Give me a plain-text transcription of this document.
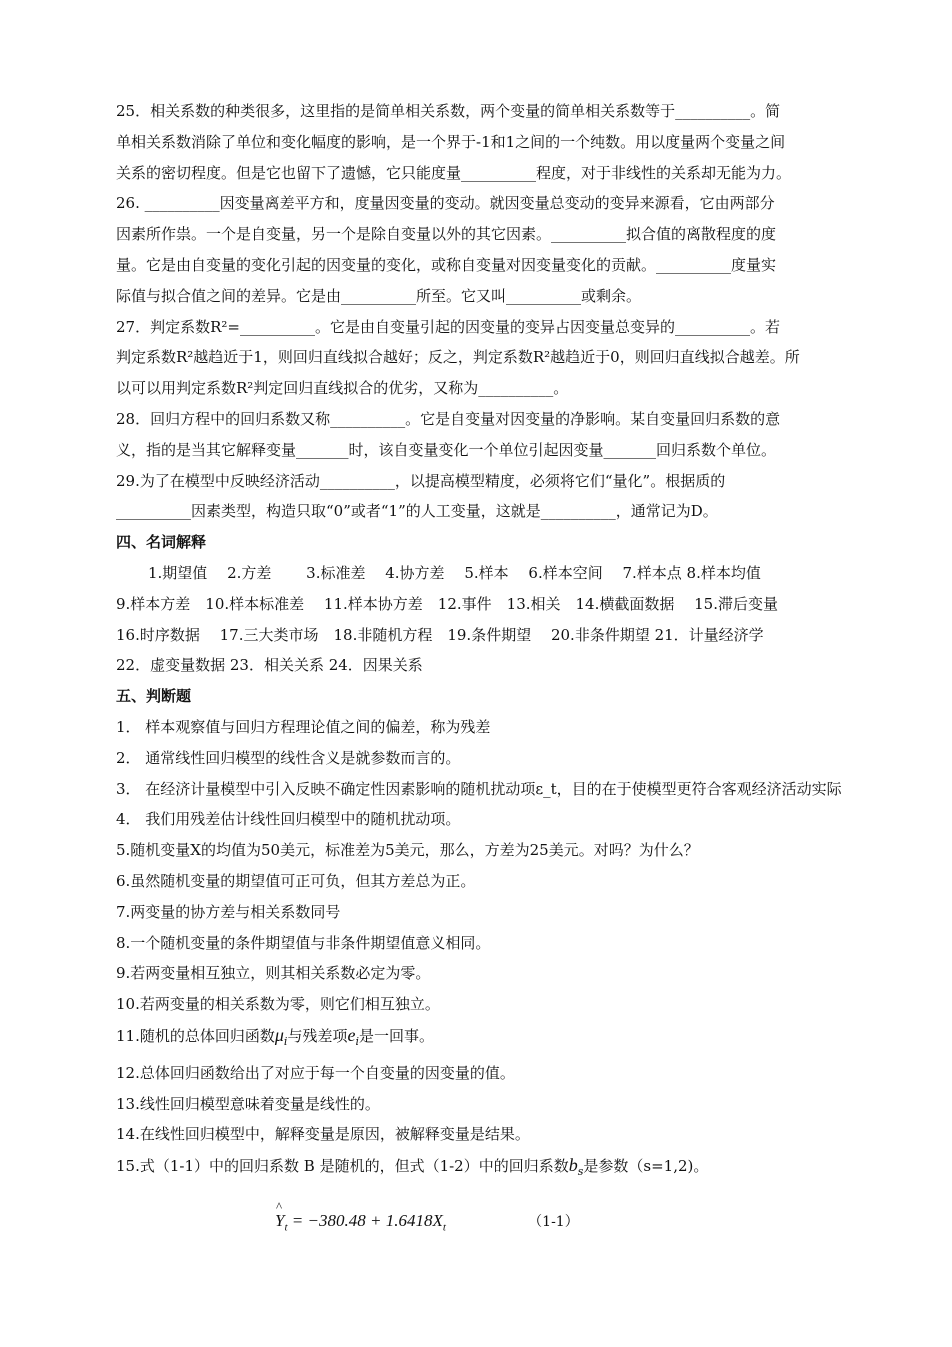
25．相关系数的种类很多，这里指的是简单相关系数，两个变量的简单相关系数等于__________。简
单相关系数消除了单位和变化幅度的影响，是一个界于-1和1之间的一个纯数。用以度量两个变量之间
关系的密切程度。但是它也留下了遗憾，它只能度量__________程度，对于非线性的关系却无能为力。
26. __________因变量离差平方和，度量因变量的变动。就因变量总变动的变异来源看，它由两部分
因素所作祟。一个是自变量，另一个是除自变量以外的其它因素。__________拟合值的离散程度的度
量。它是由自变量的变化引起的因变量的变化，或称自变量对因变量变化的贡献。__________度量实
际值与拟合值之间的差异。它是由__________所至。它又叫__________或剩余。
27．判定系数R²=__________。它是由自变量引起的因变量的变异占因变量总变异的__________。若
判定系数R²越趋近于1，则回归直线拟合越好；反之，判定系数R²越趋近于0，则回归直线拟合越差。所
以可以用判定系数R²判定回归直线拟合的优劣，又称为__________。
28．回归方程中的回归系数又称__________。它是自变量对因变量的净影响。某自变量回归系数的意
义，指的是当其它解释变量_______时，该自变量变化一个单位引起因变量_______回归系数个单位。
29.为了在模型中反映经济活动__________，以提高模型精度，必须将它们“量化”。根据质的
__________因素类型，构造只取“0”或者“1”的人工变量，这就是__________，通常记为D。
四、名词解释
1.期望值　 2.方差　　 3.标准差　 4.协方差　 5.样本　 6.样本空间　 7.样本点 8.样本均值
9.样本方差　10.样本标准差　 11.样本协方差　12.事件　13.相关　14.横截面数据　 15.滞后变量
16.时序数据　 17.三大类市场　18.非随机方程　19.条件期望　 20.非条件期望 21．计量经济学
22．虚变量数据 23．相关关系 24．因果关系
五、判断题
1． 样本观察值与回归方程理论值之间的偏差，称为残差
2． 通常线性回归模型的线性含义是就参数而言的。

3． 在经济计量模型中引入反映不确定性因素影响的随机扰动项ε_t，目的在于使模型更符合客观经济活动实际

4． 我们用残差估计线性回归模型中的随机扰动项。
5.随机变量X的均值为50美元，标准差为5美元，那么，方差为25美元。对吗？为什么？
6.虽然随机变量的期望值可正可负，但其方差总为正。
7.两变量的协方差与相关系数同号
8.一个随机变量的条件期望值与非条件期望值意义相同。
9.若两变量相互独立，则其相关系数必定为零。
10.若两变量的相关系数为零，则它们相互独立。
11.随机的总体回归函数$\mu_i$与残差项$e_i$是一回事。
12.总体回归函数给出了对应于每一个自变量的因变量的值。
13.线性回归模型意味着变量是线性的。
14.在线性回归模型中，解释变量是原因，被解释变量是结果。
15.式（1-1）中的回归系数 B 是随机的，但式（1-2）中的回归系数$b_s$是参数（s=1,2)。
^ $Y_t = -380.48 + 1.6418X_t$	（1-1）
